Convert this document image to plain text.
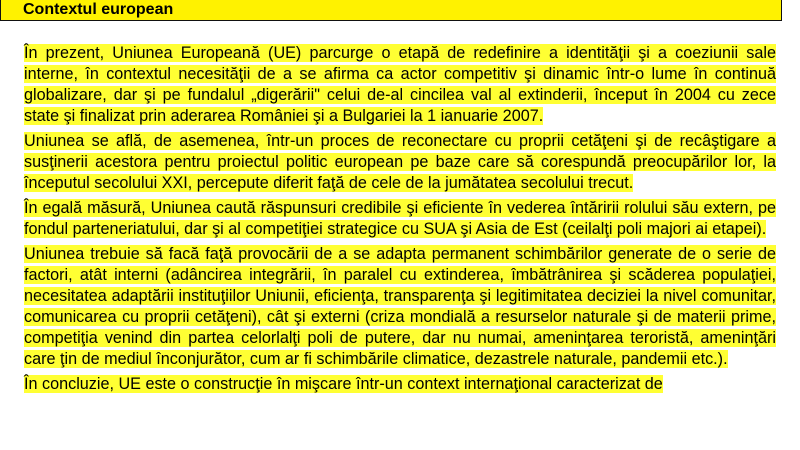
Contextul european

În prezent, Uniunea Europeană (UE) parcurge o etapă de redefinire a identităţii şi a coeziunii sale interne, în contextul necesităţii de a se afirma ca actor competitiv şi dinamic într-o lume în continuă globalizare, dar şi pe fundalul „digerării" celui de-al cincilea val al extinderii, început în 2004 cu zece state şi finalizat prin aderarea României şi a Bulgariei la 1 ianuarie 2007.

Uniunea se află, de asemenea, într-un proces de reconectare cu proprii cetăţeni şi de recâştigare a susţinerii acestora pentru proiectul politic european pe baze care să corespundă preocupărilor lor, la începutul secolului XXI, percepute diferit faţă de cele de la jumătatea secolului trecut.

În egală măsură, Uniunea caută răspunsuri credibile şi eficiente în vederea întăririi rolului său extern, pe fondul parteneriatului, dar şi al competiţiei strategice cu SUA şi Asia de Est (ceilalţi poli majori ai etapei).

Uniunea trebuie să facă faţă provocării de a se adapta permanent schimbărilor generate de o serie de factori, atât interni (adâncirea integrării, în paralel cu extinderea, îmbătrânirea şi scăderea populaţiei, necesitatea adaptării instituţiilor Uniunii, eficienţa, transparenţa şi legitimitatea deciziei la nivel comunitar, comunicarea cu proprii cetăţeni), cât şi externi (criza mondială a resurselor naturale şi de materii prime, competiţia venind din partea celorlalţi poli de putere, dar nu numai, ameninţarea teroristă, ameninţări care ţin de mediul înconjurător, cum ar fi schimbările climatice, dezastrele naturale, pandemii etc.).

În concluzie, UE este o construcţie în mişcare într-un context internaţional caracterizat de
